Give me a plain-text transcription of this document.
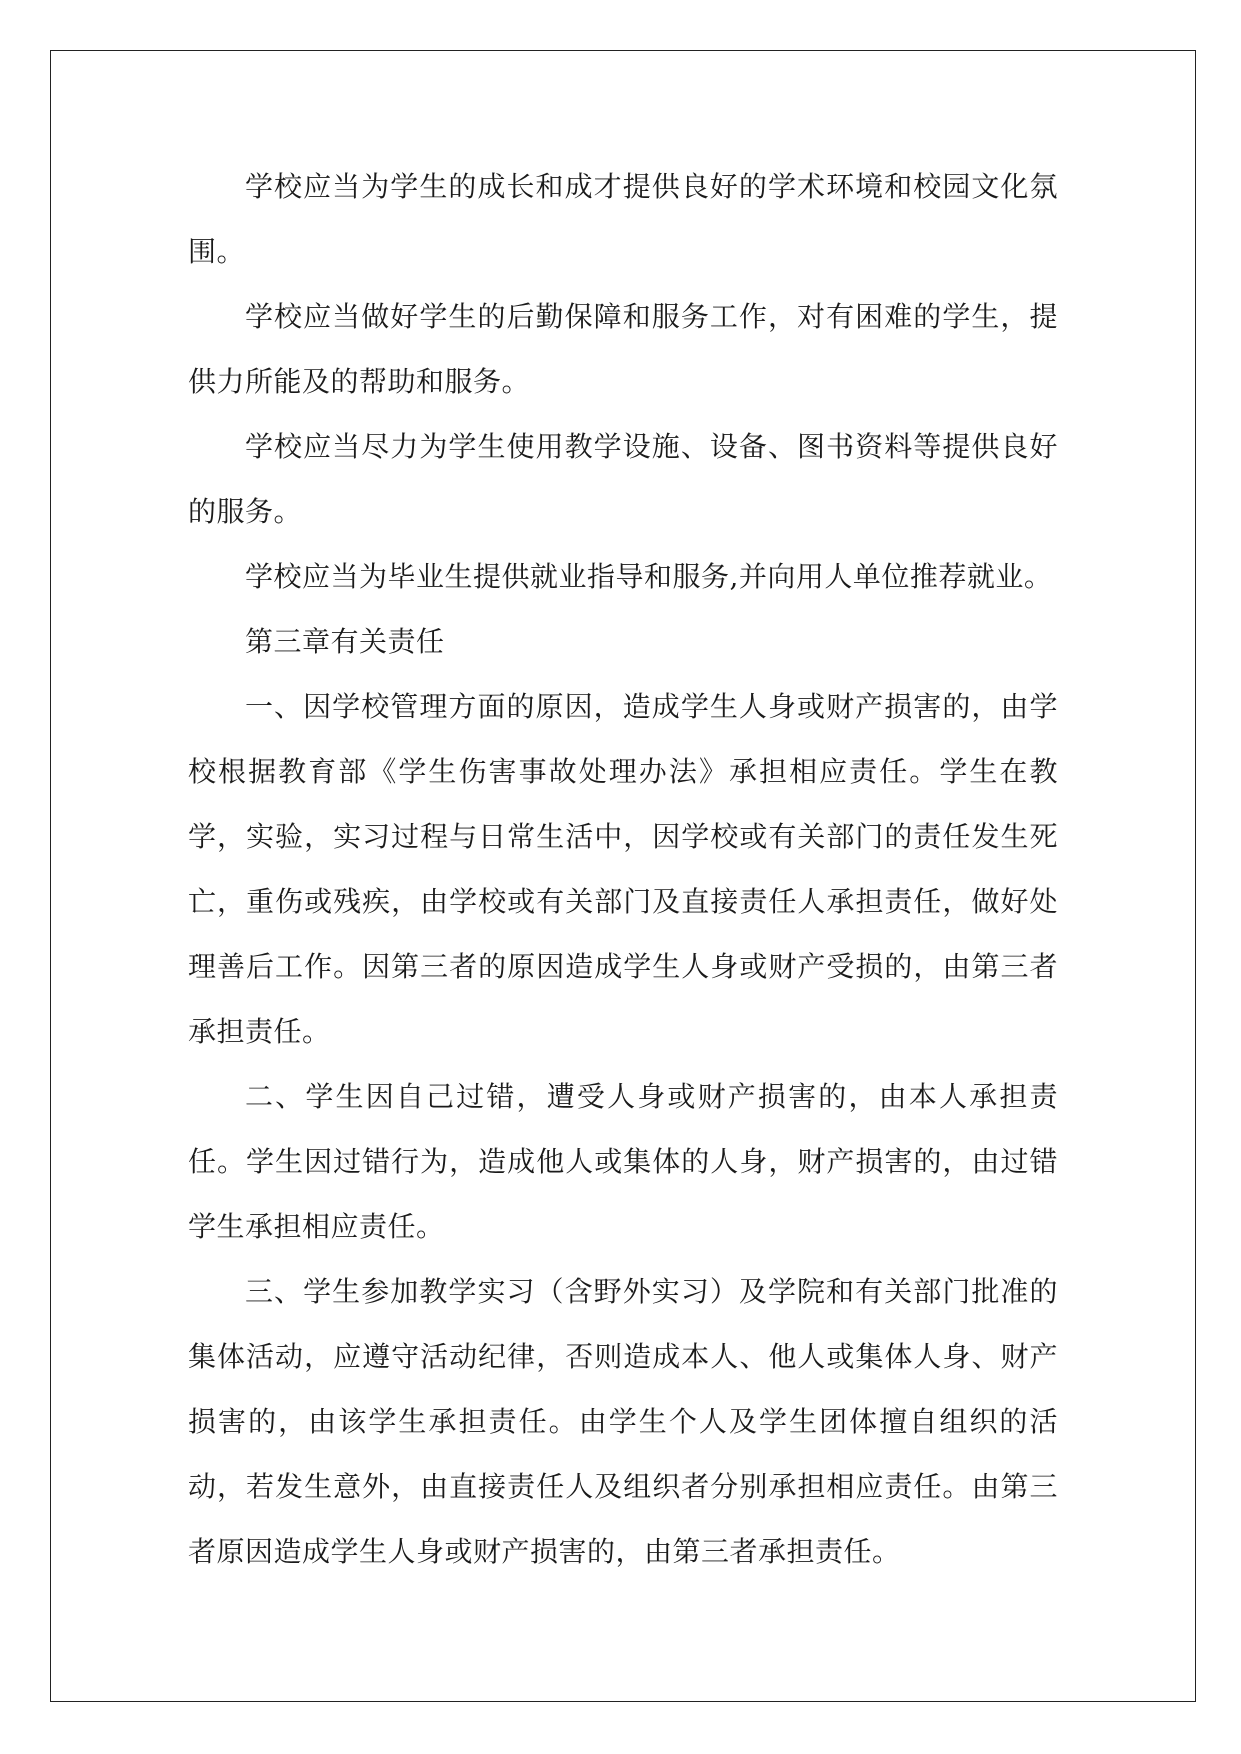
学校应当为学生的成长和成才提供良好的学术环境和校园文化氛围。

学校应当做好学生的后勤保障和服务工作，对有困难的学生，提供力所能及的帮助和服务。

学校应当尽力为学生使用教学设施、设备、图书资料等提供良好的服务。

学校应当为毕业生提供就业指导和服务,并向用人单位推荐就业。

第三章有关责任

一、因学校管理方面的原因，造成学生人身或财产损害的，由学校根据教育部《学生伤害事故处理办法》承担相应责任。学生在教学，实验，实习过程与日常生活中，因学校或有关部门的责任发生死亡，重伤或残疾，由学校或有关部门及直接责任人承担责任，做好处理善后工作。因第三者的原因造成学生人身或财产受损的，由第三者承担责任。

二、学生因自己过错，遭受人身或财产损害的，由本人承担责任。学生因过错行为，造成他人或集体的人身，财产损害的，由过错学生承担相应责任。

三、学生参加教学实习（含野外实习）及学院和有关部门批准的集体活动，应遵守活动纪律，否则造成本人、他人或集体人身、财产损害的，由该学生承担责任。由学生个人及学生团体擅自组织的活动，若发生意外，由直接责任人及组织者分别承担相应责任。由第三者原因造成学生人身或财产损害的，由第三者承担责任。
